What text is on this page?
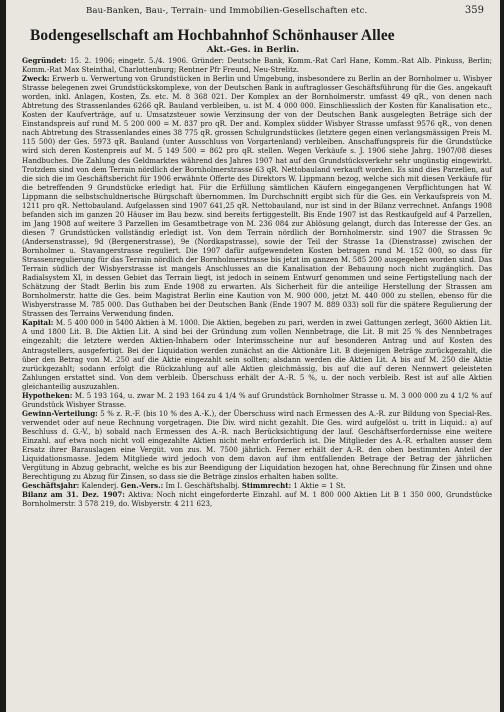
Bau-Banken, Bau-, Terrain- und Immobilien-Gesellschaften etc.	359
Bodengesellschaft am Hochbahnhof Schönhauser Allee
Akt.-Ges. in Berlin.

Gegründet: 15. 2. 1906; eingetr. 5./4. 1906. Gründer: Deutsche Bank, Komm.-Rat Carl Hane, Komm.-Rat Alb. Pinkuss, Berlin; Komm.-Rat Max Steinthal, Charlottenburg; Rentner Pfr Freund, Neu-Strelitz.

Zweck: Erwerb u. Verwertung von Grundstücken in Berlin und Umgebung, insbesondere zu Berlin an der Bornholmer u. Wisbyer Strasse belegenen zwei Grundstückskomplexe, von der Deutschen Bank in auftraglosser Geschäftsführung für die Ges. angekauft worden, inkl. Anlagen, Kosten, Zs. etc. M. 8 368 021. Der Komplex an der Bornholmerstr. umfasst 49 qR., von denen nach Abtretung des Strassenlandes 6266 qR. Bauland verbleiben, u. ist M. 4 000 000. Einschliesslich der Kosten für Kanalisation etc., Kosten der Kaufverträge, auf u. Umsatzsteuer sowie Verzinsung der von der Deutschen Bank ausgelegten Beträge sich der Einstandspreis auf rund M. 5 200 000 = M. 837 pro qR. Der and. Komplex südder Wisbyer Strasse umfasst 9576 qR., von denen nach Abtretung des Strassenlandes eines 38 775 qR. grossen Schulgrundstückes (letztere gegen einen verlangsmässigen Preis M. 115 500) der Ges. 5973 qR. Bauland (unter Ausschluss von Vorgartenland) verbleiben. Anschaffungspreis für die Grundstücke wird sich deren Kostenpreis auf M. 5 149 500 = 862 pro qR. stellen. Wegen Verkäufe s. J. 1906 siehe Jahrg. 1907/08 dieses Handbuches. Die Zahlung des Geldmarktes während des Jahres 1907 hat auf den Grundstücksverkehr sehr ungünstig eingewirkt. Trotzdem sind von dem Terrain nördlich der Bornholmerstrasse 63 qR. Nettobauland verkauft worden. Es sind dies Parzellen, auf die sich die im Geschäftsbericht für 1906 erwähnte Offerte des Direktors W. Lippmann bezog, welche sich mit diesen Verkäufe für die betreffenden 9 Grundstücke erledigt hat. Für die Erfüllung sämtlichen Käufern eingegangenen Verpflichtungen hat W. Lippmann die selbstschuldnerische Bürgschaft übernommen. Im Durchschnitt ergibt sich für die Ges. ein Verkaufspreis von M. 1211 pro qR. Nettobauland. Aufgelassen sind 1907 641,25 qR. Nettobauland, nur ist sind in der Bilanz verrechnet. Anfangs 1908 befanden sich im ganzen 20 Häuser im Bau bezw. sind bereits fertiggestellt. Bis Ende 1907 ist das Restkaufgeld auf 4 Parzellen, im Jang 1908 auf weitere 3 Parzellen im Gesamtbetrage von M. 236 084 zur Ablösung gelangt, durch das Interesse der Ges. an diesen 7 Grundstücken vollständig erledigt ist. Von dem Terrain nördlich der Bornholmerstr. sind 1907 die Strassen 9c (Andersenstrasse), 9d (Bergenerstrasse), 9e (Nordkapstrasse), sowie der Teil der Strasse 1a (Dienstrasse) zwischen der Bornholmer u. Stavangerstrasse reguliert. Die 1907 dafür aufgewendeten Kosten betragen rund M. 152 000, so dass für Strassenregulierung für das Terrain nördlich der Bornholmerstrasse bis jetzt im ganzen M. 585 200 ausgegeben worden sind. Das Terrain südlich der Wisbyerstrasse ist mangels Anschlusses an die Kanalisation der Bebauung noch nicht zugänglich. Das Radialsystem XI, in dessen Gebiet das Terrain liegt, ist jedoch in seinem Entwurf genommen und seine Fertigstellung nach der Schätzung der Stadt Berlin bis zum Ende 1908 zu erwarten. Als Sicherheit für die anteilige Herstellung der Strassen am Bornholmerstr. hatte die Ges. beim Magistrat Berlin eine Kaution von M. 900 000, jetzt M. 440 000 zu stellen, ebenso für die Wisbyerstrasse M. 785 000. Das Guthaben bei der Deutschen Bank (Ende 1907 M. 889 033) soll für die spätere Regulierung der Strassen des Terrains Verwendung finden.

Kapital: M. 5 400 000 in 5400 Aktien à M. 1000. Die Aktien, begeben zu pari, werden in zwei Gattungen zerlegt, 3600 Aktien Lit. A und 1800 Lit. B. Die Aktien Lit. A sind bei der Gründung zum vollen Nennbetrage, die Lit. B mit 25 % des Nennbetrages eingezahlt; die letztere werden Aktien-Inhabern oder Interimsscheine nur auf besonderen Antrag und auf Kosten des Antragstellers, ausgefertigt. Bei der Liquidation werden zunächst an die Aktionäre Lit. B diejenigen Beträge zurückgezahlt, die über den Betrag von M. 250 auf die Aktie eingezahlt sein sollten; alsdann werden die Aktien Lit. A bis auf M. 250 die Aktie zurückgezahlt; sodann erfolgt die Rückzahlung auf alle Aktien gleichmässig, bis auf die auf deren Nennwert geleisteten Zahlungen erstattet sind. Von dem verbleib. Überschuss erhält der A.-R. 5 %, u. der noch verbleib. Rest ist auf alle Aktien gleichanteilig auszuzahlen.

Hypotheken: M. 5 193 164, u. zwar M. 2 193 164 zu 4 1/4 % auf Grundstück Bornholmer Strasse u. M. 3 000 000 zu 4 1/2 % auf Grundstück Wisbyer Strasse.

Gewinn-Verteilung: 5 % z. R.-F. (bis 10 % des A.-K.), der Überschuss wird nach Ermessen des A.-R. zur Bildung von Special-Res. verwendet oder auf neue Rechnung vorgetragen. Die Div. wird nicht gezahlt. Die Ges. wird aufgelöst u. tritt in Liquid.: a) auf Beschluss d. G.-V., b) sobald nach Ermessen des A.-R. nach Berücksichtigung der lauf. Geschäftserfordernisse eine weitere Einzahl. auf etwa noch nicht voll eingezahlte Aktien nicht mehr erforderlich ist. Die Mitglieder des A.-R. erhalten ausser dem Ersatz ihrer Barauslagen eine Vergüt. von zus. M. 7500 jährlich. Ferner erhält der A.-R. den oben bestimmten Anteil der Liquidationsmasse. Jedem Mitgliede wird jedoch von dem davon auf ihm entfallenden Betrage der Betrag der jährlichen Vergütung in Abzug gebracht, welche es bis zur Beendigung der Liquidation bezogen hat, ohne Berechnung für Zinsen und ohne Berechtigung zu Abzug für Zinsen, so dass sie die Beträge zinslos erhalten haben sollte.

Geschäftsjahr: Kalenderj. Gen.-Vers.: Im I. Geschäftshalbj. Stimmrecht: 1 Aktie = 1 St.

Bilanz am 31. Dez. 1907: Aktiva: Noch nicht eingeforderte Einzahl. auf M. 1 800 000 Aktien Lit B 1 350 000, Grundstücke Bornholmerstr. 3 578 219, do. Wisbyerstr. 4 211 623,
